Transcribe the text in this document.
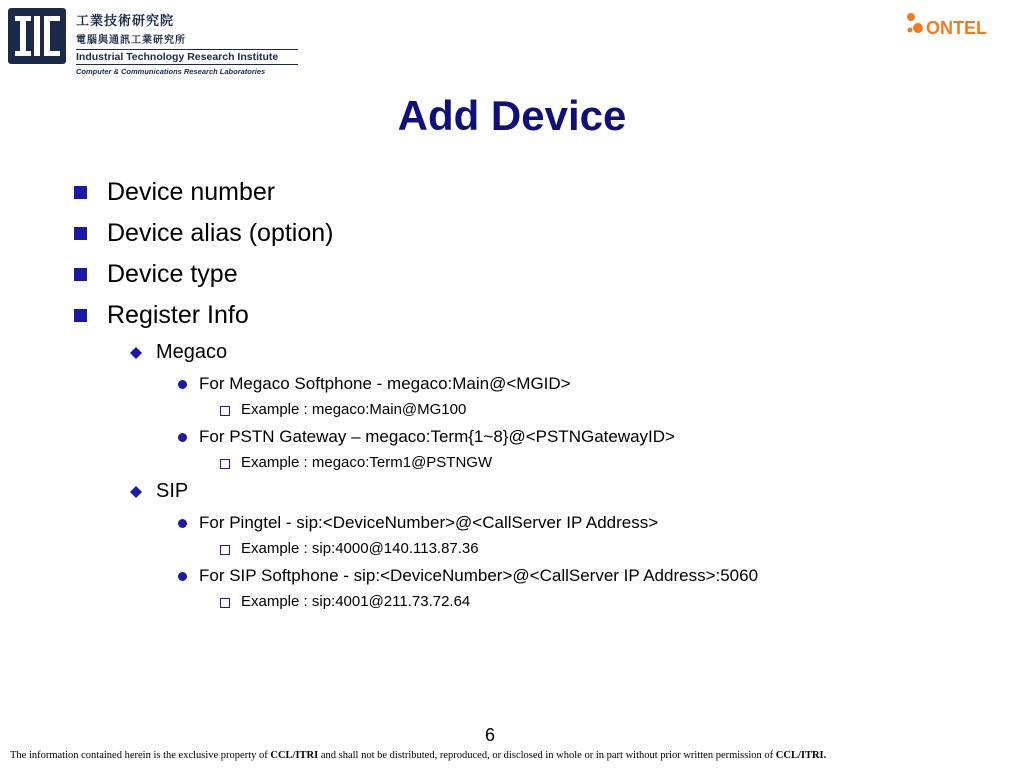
工業技術研究院
電腦與通訊工業研究所
Industrial Technology Research Institute
Computer & Communications Research Laboratories
ONTEL
Add Device
Device number
Device alias (option)
Device type
Register Info
Megaco
For Megaco Softphone - megaco:Main@<MGID>
Example : megaco:Main@MG100
For PSTN Gateway – megaco:Term{1~8}@<PSTNGatewayID>
Example : megaco:Term1@PSTNGW
SIP
For Pingtel - sip:<DeviceNumber>@<CallServer IP Address>
Example : sip:4000@140.113.87.36
For SIP Softphone - sip:<DeviceNumber>@<CallServer IP Address>:5060
Example : sip:4001@211.73.72.64
6
The information contained herein is the exclusive property of CCL/ITRI and shall not be distributed, reproduced, or disclosed in whole or in part without prior written permission of CCL/ITRI.
